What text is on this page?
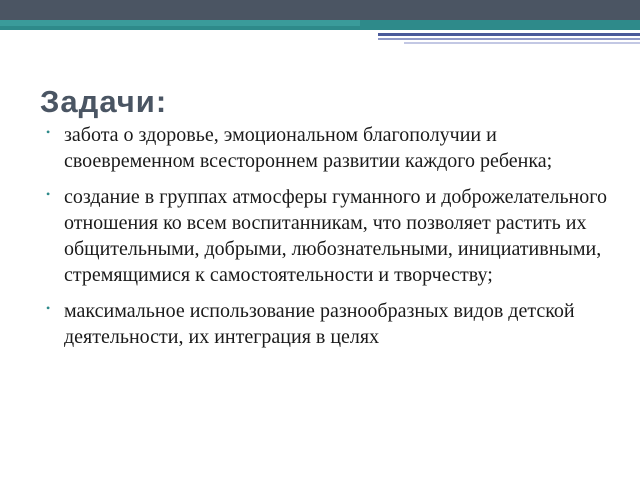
Задачи:
• забота о здоровье, эмоциональном благополучии и своевременном всестороннем развитии каждого ребенка;
• создание в группах атмосферы гуманного и доброжелательного отношения ко всем воспитанникам, что позволяет растить их общительными, добрыми, любознательными, инициативными, стремящимися к самостоятельности и творчеству;
• максимальное использование разнообразных видов детской деятельности, их интеграция в целях
